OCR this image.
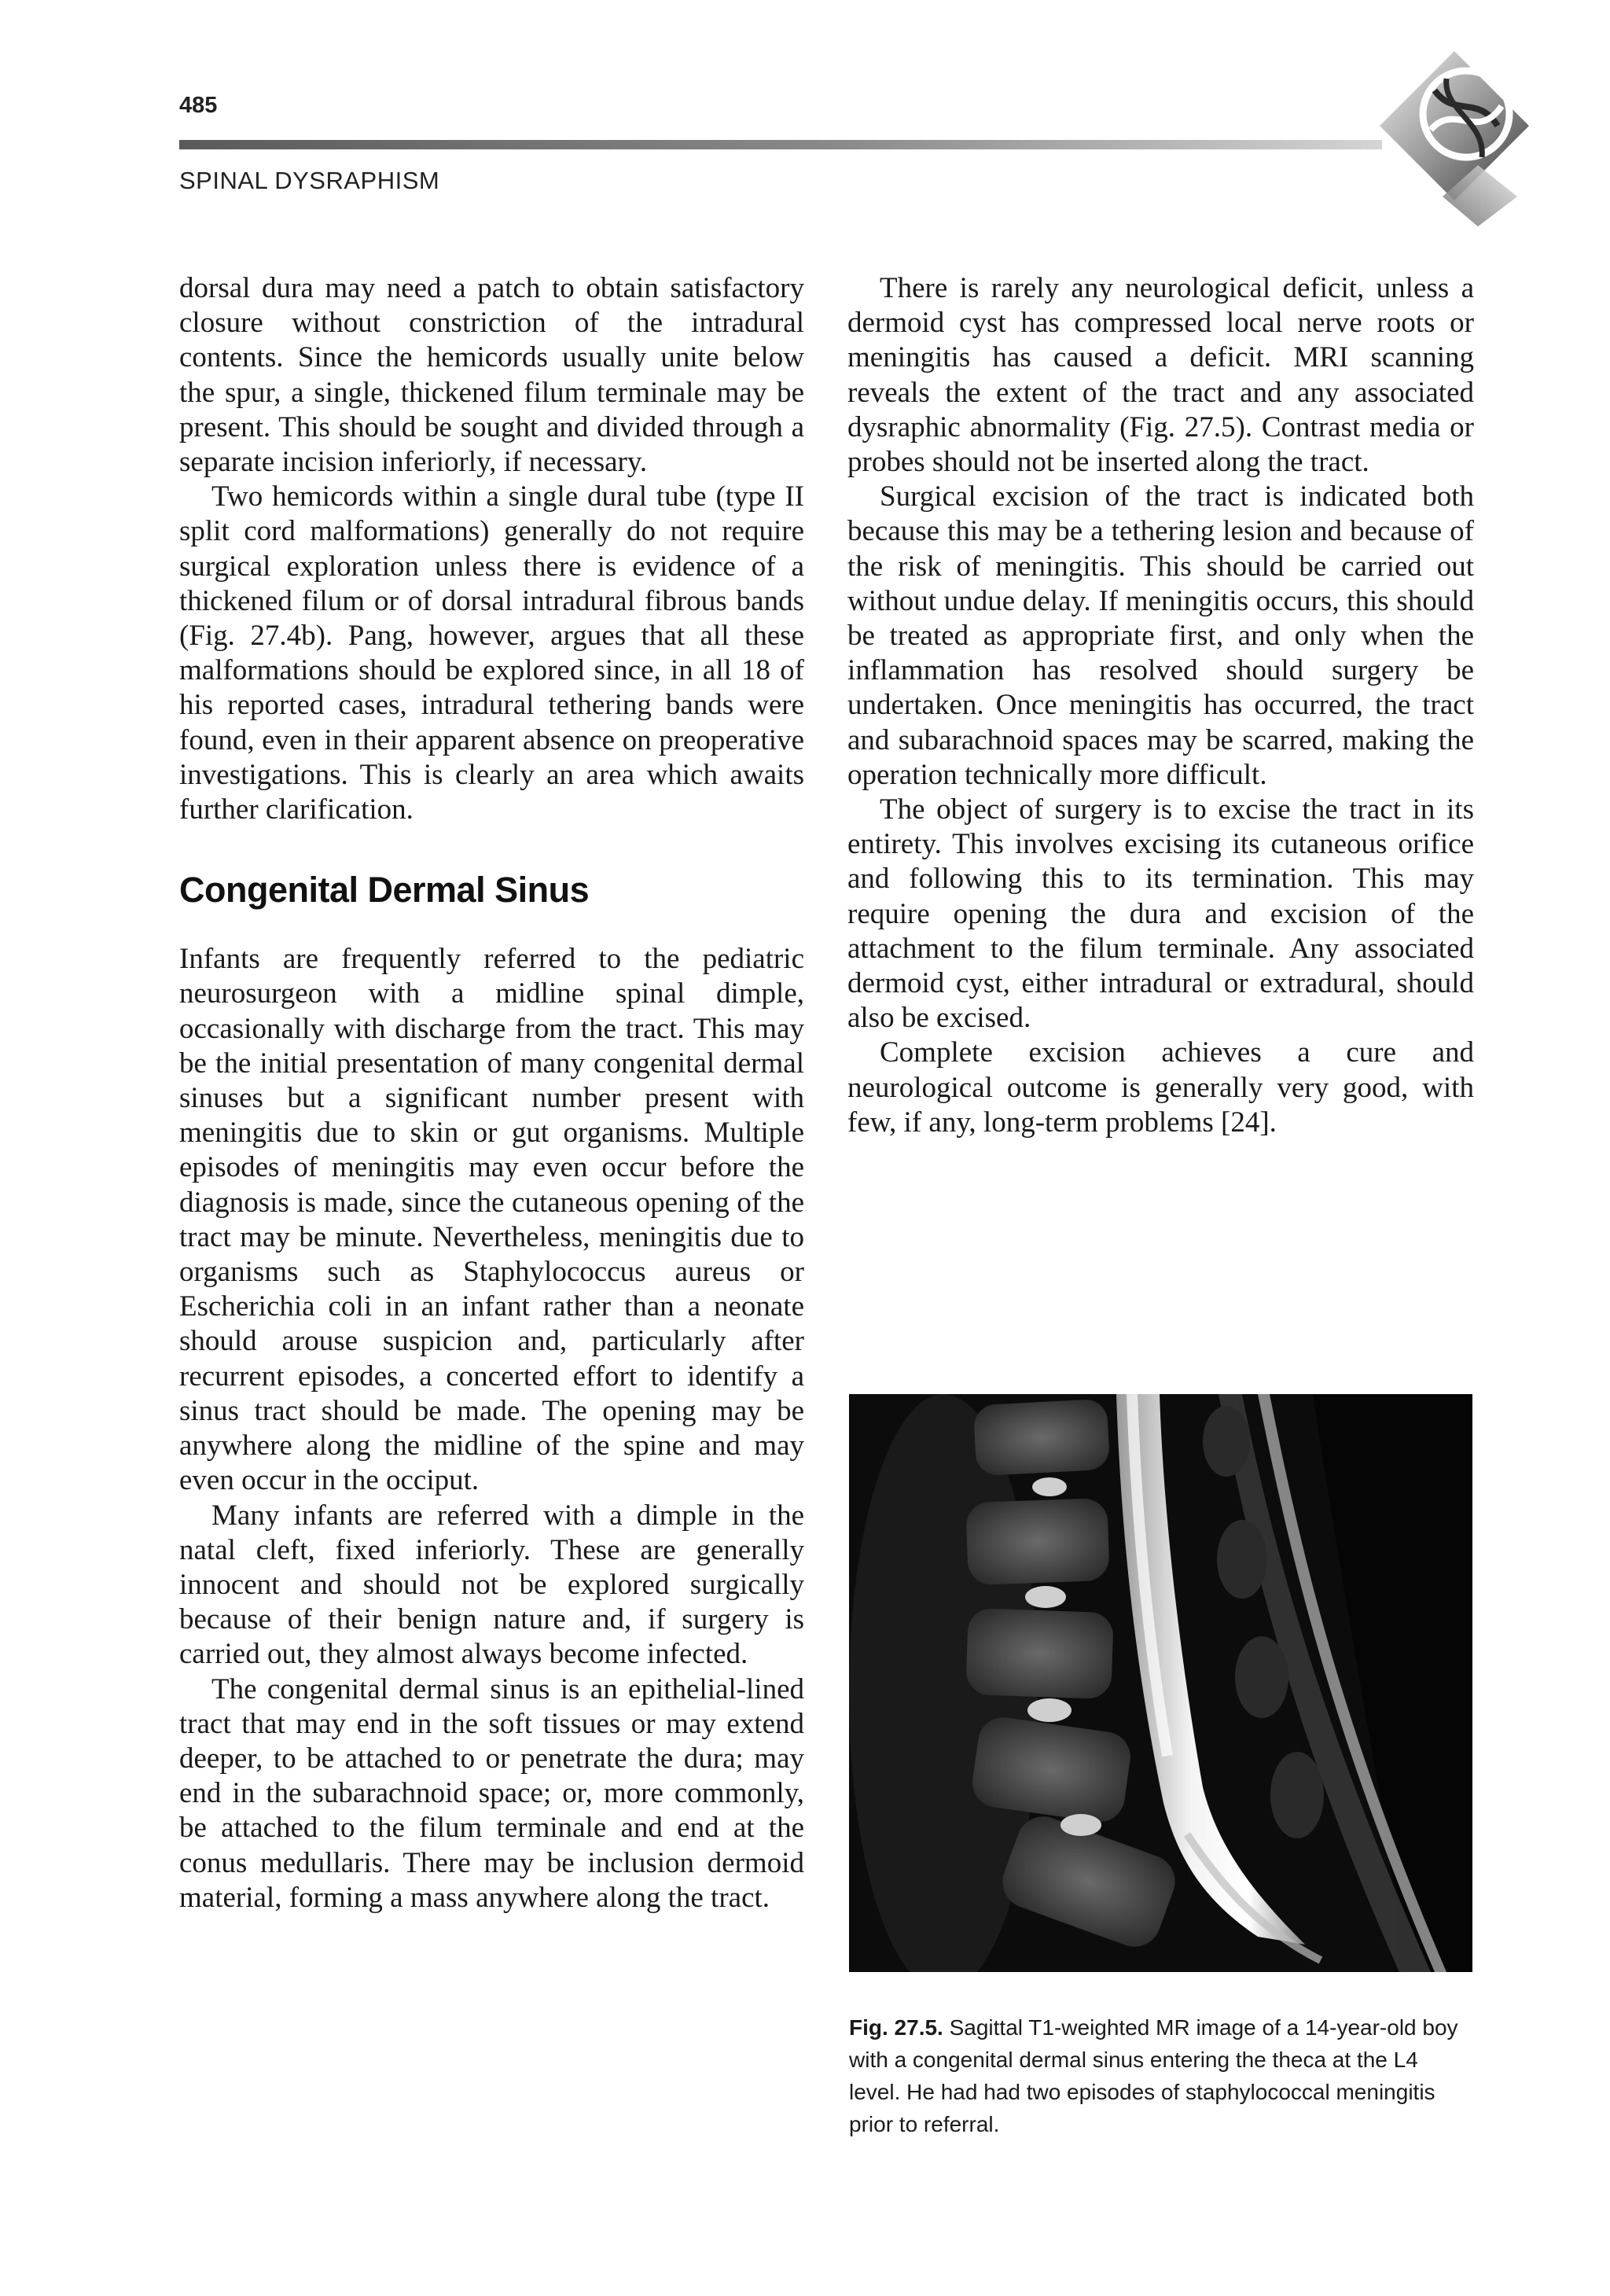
485
SPINAL DYSRAPHISM

dorsal dura may need a patch to obtain satisfactory closure without constriction of the intradural contents. Since the hemicords usually unite below the spur, a single, thickened filum terminale may be present. This should be sought and divided through a separate incision inferiorly, if necessary.

Two hemicords within a single dural tube (type II split cord malformations) generally do not require surgical exploration unless there is evidence of a thickened filum or of dorsal intradural fibrous bands (Fig. 27.4b). Pang, however, argues that all these malformations should be explored since, in all 18 of his reported cases, intradural tethering bands were found, even in their apparent absence on preoperative investigations. This is clearly an area which awaits further clarification.

Congenital Dermal Sinus

Infants are frequently referred to the pediatric neurosurgeon with a midline spinal dimple, occasionally with discharge from the tract. This may be the initial presentation of many congenital dermal sinuses but a significant number present with meningitis due to skin or gut organisms. Multiple episodes of meningitis may even occur before the diagnosis is made, since the cutaneous opening of the tract may be minute. Nevertheless, meningitis due to organisms such as Staphylococcus aureus or Escherichia coli in an infant rather than a neonate should arouse suspicion and, particularly after recurrent episodes, a concerted effort to identify a sinus tract should be made. The opening may be anywhere along the midline of the spine and may even occur in the occiput.

Many infants are referred with a dimple in the natal cleft, fixed inferiorly. These are generally innocent and should not be explored surgically because of their benign nature and, if surgery is carried out, they almost always become infected.

The congenital dermal sinus is an epithelial-lined tract that may end in the soft tissues or may extend deeper, to be attached to or penetrate the dura; may end in the subarachnoid space; or, more commonly, be attached to the filum terminale and end at the conus medullaris. There may be inclusion dermoid material, forming a mass anywhere along the tract.

There is rarely any neurological deficit, unless a dermoid cyst has compressed local nerve roots or meningitis has caused a deficit. MRI scanning reveals the extent of the tract and any associated dysraphic abnormality (Fig. 27.5). Contrast media or probes should not be inserted along the tract.

Surgical excision of the tract is indicated both because this may be a tethering lesion and because of the risk of meningitis. This should be carried out without undue delay. If meningitis occurs, this should be treated as appropriate first, and only when the inflammation has resolved should surgery be undertaken. Once meningitis has occurred, the tract and subarachnoid spaces may be scarred, making the operation technically more difficult.

The object of surgery is to excise the tract in its entirety. This involves excising its cutaneous orifice and following this to its termination. This may require opening the dura and excision of the attachment to the filum terminale. Any associated dermoid cyst, either intradural or extradural, should also be excised.

Complete excision achieves a cure and neurological outcome is generally very good, with few, if any, long-term problems [24].

Fig. 27.5. Sagittal T1-weighted MR image of a 14-year-old boy with a congenital dermal sinus entering the theca at the L4 level. He had had two episodes of staphylococcal meningitis prior to referral.
